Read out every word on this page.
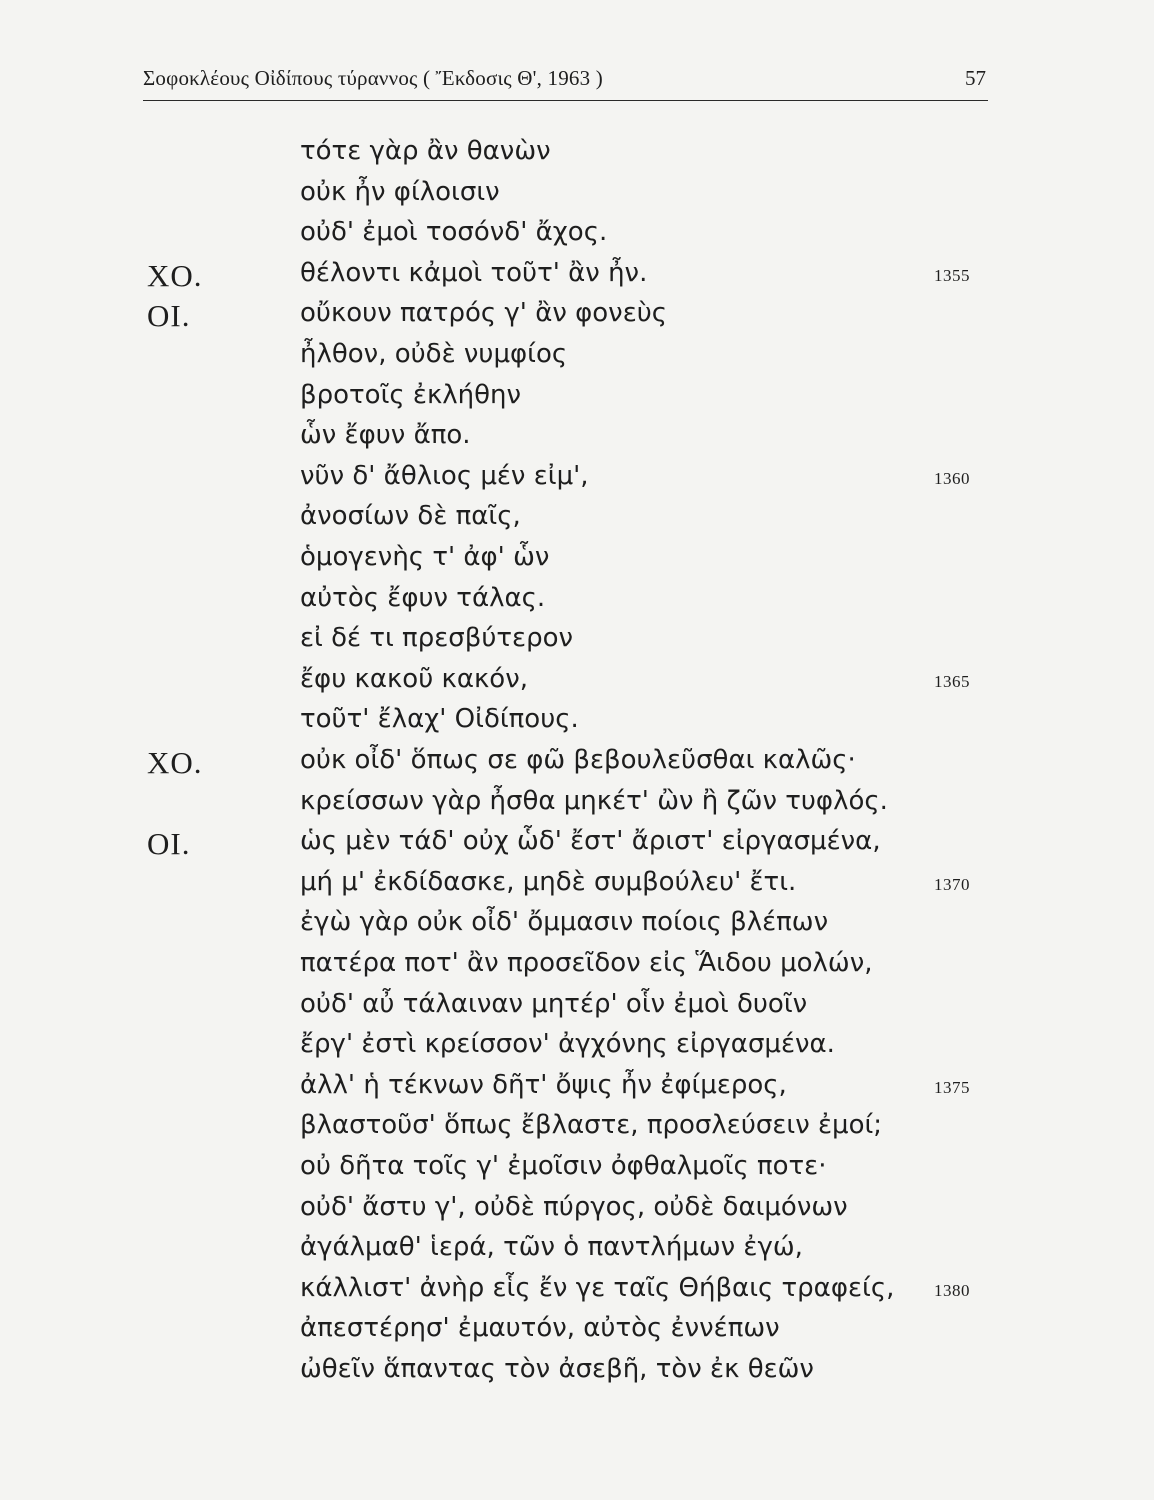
Σοφοκλέους Οἰδίπους τύραννος ( Ἔκδοσις Θ', 1963 )	57
τότε γὰρ ἂν θανὼν
οὐκ ἦν φίλοισιν
οὐδ' ἐμοὶ τοσόνδ' ἄχος.
ΧΟ.	θέλοντι κἀμοὶ τοῦτ' ἂν ἦν.	1355
ΟΙ.	οὔκουν πατρός γ' ἂν φονεὺς
ἦλθον, οὐδὲ νυμφίος
βροτοῖς ἐκλήθην
ὧν ἔφυν ἄπο.
νῦν δ' ἄθλιος μέν εἰμ',	1360
ἀνοσίων δὲ παῖς,
ὁμογενὴς τ' ἀφ' ὧν
αὐτὸς ἔφυν τάλας.
εἰ δέ τι πρεσβύτερον
ἔφυ κακοῦ κακόν,	1365
τοῦτ' ἔλαχ' Οἰδίπους.
ΧΟ.	οὐκ οἶδ' ὅπως σε φῶ βεβουλεῦσθαι καλῶς·
κρείσσων γὰρ ἦσθα μηκέτ' ὢν ἢ ζῶν τυφλός.
ΟΙ.	ὡς μὲν τάδ' οὐχ ὧδ' ἔστ' ἄριστ' εἰργασμένα,
μή μ' ἐκδίδασκε, μηδὲ συμβούλευ' ἔτι.	1370
ἐγὼ γὰρ οὐκ οἶδ' ὄμμασιν ποίοις βλέπων
πατέρα ποτ' ἂν προσεῖδον εἰς Ἅιδου μολών,
οὐδ' αὖ τάλαιναν μητέρ' οἷν ἐμοὶ δυοῖν
ἔργ' ἐστὶ κρείσσον' ἀγχόνης εἰργασμένα.
ἀλλ' ἡ τέκνων δῆτ' ὄψις ἦν ἐφίμερος,	1375
βλαστοῦσ' ὅπως ἔβλαστε, προσλεύσειν ἐμοί;
οὐ δῆτα τοῖς γ' ἐμοῖσιν ὀφθαλμοῖς ποτε·
οὐδ' ἄστυ γ', οὐδὲ πύργος, οὐδὲ δαιμόνων
ἀγάλμαθ' ἱερά, τῶν ὁ παντλήμων ἐγώ,
κάλλιστ' ἀνὴρ εἷς ἔν γε ταῖς Θήβαις τραφείς, 1380
ἀπεστέρησ' ἐμαυτόν, αὐτὸς ἐννέπων
ὠθεῖν ἅπαντας τὸν ἀσεβῆ, τὸν ἐκ θεῶν
